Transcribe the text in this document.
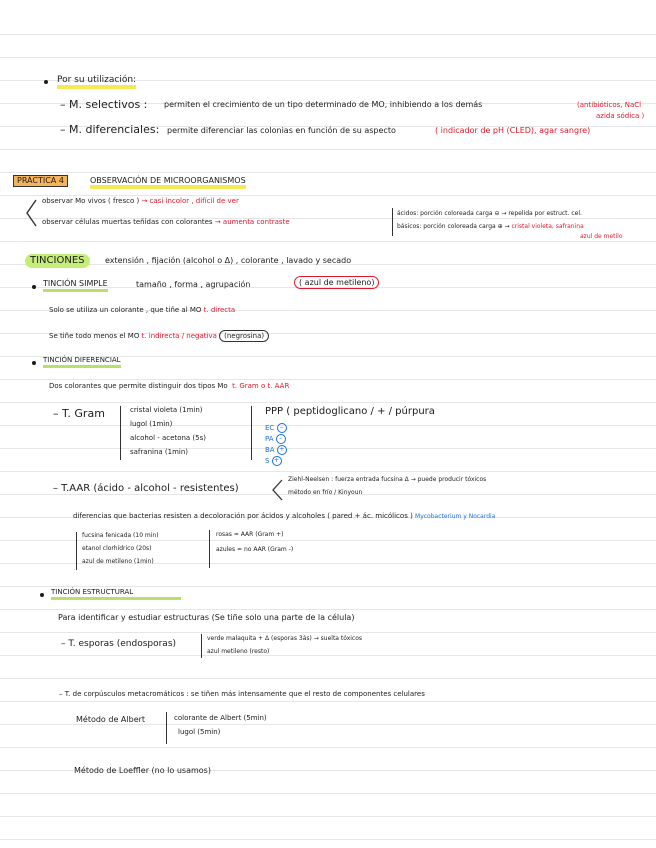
Por su utilización:
– M. selectivos : permiten el crecimiento de un tipo determinado de MO, inhibiendo a los demás	(antibióticos, NaCl
azida sódica )
– M. diferenciales: permite diferenciar las colonias en función de su aspecto	( indicador de pH (CLED), agar sangre)
PRÁCTICA 4	OBSERVACIÓN DE MICROORGANISMOS
observar Mo vivos ( fresco ) → casi incolor , difícil de ver
observar células muertas teñidas con colorantes → aumenta contraste
ácidos: porción coloreada carga ⊖ → repelida por estruct. cel.
básicos: porción coloreada carga ⊕ → cristal violeta, safranina
azul de metilo
TINCIONES	extensión , fijación (alcohol o Δ) , colorante , lavado y secado
TINCIÓN SIMPLE	tamaño , forma , agrupación	( azul de metileno)
Solo se utiliza un colorante , que tiñe al MO t. directa
Se tiñe todo menos el MO t. indirecta / negativa (negrosina)
TINCIÓN DIFERENCIAL
Dos colorantes que permite distinguir dos tipos Mo t. Gram o t. AAR
– T. Gram	cristal violeta (1min)
lugol (1min)
alcohol - acetona (5s)
safranina (1min)
PPP ( peptidoglicano / + / púrpura
EC –
PA –
BA +
S +
– T.AAR (ácido - alcohol - resistentes)
Ziehl-Neelsen : fuerza entrada fucsina Δ → puede producir tóxicos
método en frío / Kinyoun
diferencias que bacterias resisten a decoloración por ácidos y alcoholes ( pared + ác. micólicos ) Mycobacterium y Nocardia
fucsina fenicada (10 min)
etanol clorhídrico (20s)
azul de metileno (1min)
rosas = AAR (Gram +)
azules = no AAR (Gram -)
TINCIÓN ESTRUCTURAL
Para identificar y estudiar estructuras (Se tiñe solo una parte de la célula)
– T. esporas (endosporas)
verde malaquita + Δ (esporas 3ás) → suelta tóxicos
azul metileno (resto)
– T. de corpúsculos metacromáticos : se tiñen más intensamente que el resto de componentes celulares
Método de Albert	colorante de Albert (5min)
lugol (5min)
Método de Loeffler (no lo usamos)
